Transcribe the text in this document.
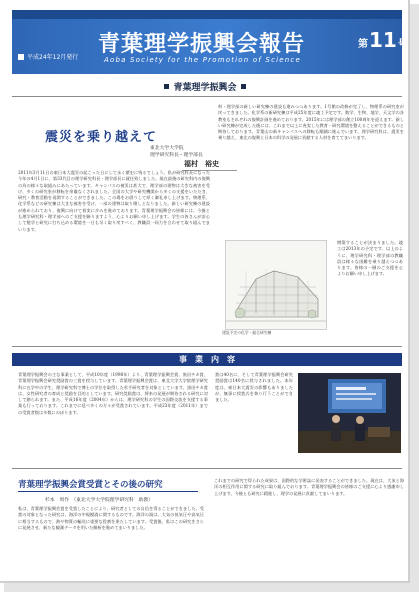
平成24年12月発行
青葉理学振興会報告
Aoba Society for the Promotion of Science
第 11 号
青葉理学振興会
震災を乗り越えて
東北大学大学院
理学研究科長・理学部長
福村　裕史
2011年3月11日の東日本大震災の起こった日にして永く歴史に残るでしょう。私が研究科長になった今年の4月1日に、第33代目の理学研究科長・理学部長に就任致しました。現在最後の研究科内の復興の為の様々な取組みにあたっています。キャンパスの被災は甚大で、理学部の建物は大きな被害を受け、多くの研究室が移転を余儀なくされました。全国の大学や研究機関から多くの支援をいただき、研究・教育活動を再開することができました。この場をお借りして厚く御礼申し上げます。物理系、化学系などの研究棟は大きな被害を受け、一部の建物は取り壊しとなりました。新しい研究棟の建設が進められており、復興に向けて着実に歩みを進めております。青葉理学振興会の皆様には、今後とも理学研究科・理学部へのご支援を賜りますよう、心よりお願い申し上げます。学生の皆さんが安心して勉学と研究に打ち込める環境を一日も早く取り戻すべく、教職員一同力を合わせて取り組んでまいります。
料・理学部の新しい研究棟の建設も進みつつあります。1号館の改修が完了し、物理系の研究室が戻ってきました。化学系の新研究棟は平成25年度に竣工予定です。数学、生物、地学、天文学の各教室もそれぞれの復興計画を進めております。2015年には理学部の創立100周年を迎えます。新しい研究棟が完成した後には、これまで以上に充実した教育・研究環境を整えることができるものと期待しております。青葉山の新キャンパスへの移転も順調に進んでいます。理学研究科は、震災を乗り越え、東北の復興と日本の科学の発展に貢献する人材を育ててまいります。
増築することが決まりました。竣工は2013年の予定です。以上のように、理学研究科・理学部の教職員は様々な困難を乗り越えつつあります。皆様の一層のご支援を心よりお願い申し上げます。
建設予定の化学・総合研究棟
事　業　内　容
青葉理学振興会の主な事業として、平成10年度（1998年）より、青葉理学振興会賞、黒田チカ賞、青葉理学振興会研究奨励賞の三賞を授与しています。青葉理学振興会賞は、東北大学大学院理学研究科に在学中の学生、理学研究科で博士の学位を取得した若手研究者を対象としています。黒田チカ賞は、女性研究者の育成と奨励を目的としています。研究奨励賞は、将来の発展が期待される研究に対して贈られます。また、平成16年度（2004年）からは、理学研究科の学生の国際交流を支援する事業も行っております。これまでに延べ多くの方々が受賞されています。平成23年度（2011年）までの受賞者数は多数にのぼります。
賞は40名に、そして青葉理学振興会研究奨励賞は140名に授与されました。本年度は、東日本大震災の影響もありましたが、無事に授賞式を執り行うことができました。
青葉理学振興会賞受賞とその後の研究
杉本　周作　（東北大学大学院理学研究科　助教）
私は、青葉理学振興会賞を受賞したことにより、研究者としての自信を得ることができました。受賞の対象となった研究は、海洋の中規模渦に関するものです。海洋の渦は、大気の低気圧や高気圧に相当するもので、熱や物質の輸送に重要な役割を果たしています。受賞後、私はこの研究をさらに発展させ、新たな観測データを用いた解析を進めてまいりました。
これまでの研究で得られた成果は、国際的な学術誌に発表することができました。現在は、大気と海洋の相互作用に関する研究に取り組んでおります。青葉理学振興会の皆様のご支援に心より感謝申し上げます。今後とも研究に精進し、理学の発展に貢献してまいります。
